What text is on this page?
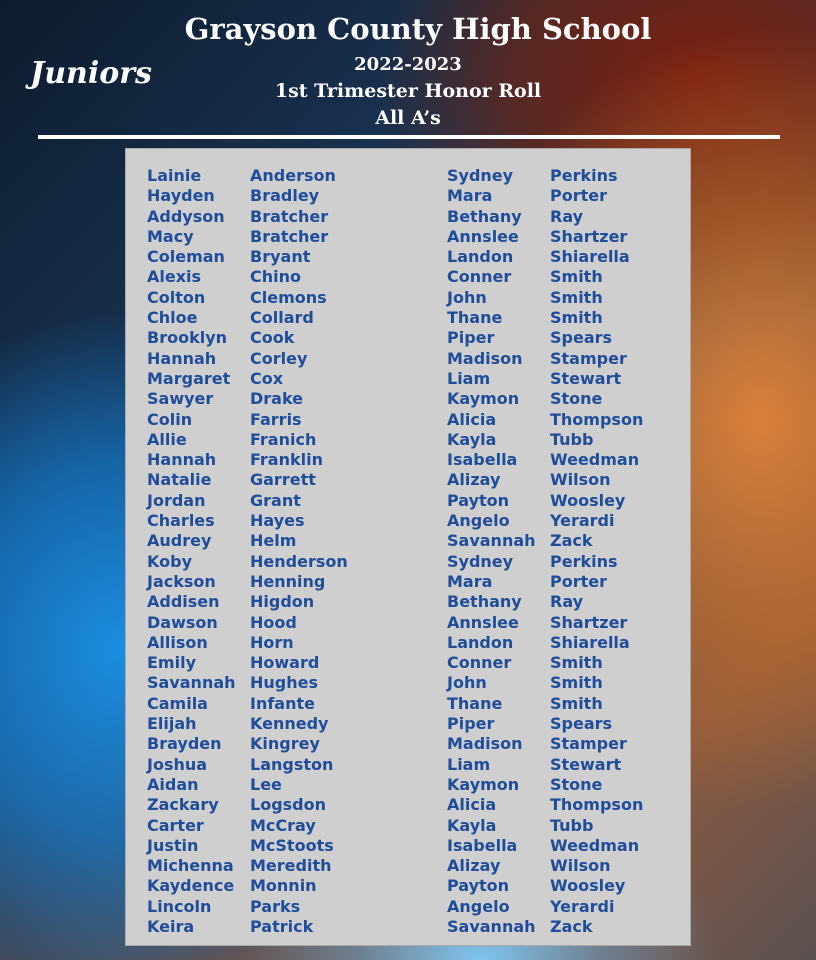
Grayson County High School
2022-2023
1st Trimester Honor Roll
All A’s
Juniors
Lainie
Hayden
Addyson
Macy
Coleman
Alexis
Colton
Chloe
Brooklyn
Hannah
Margaret
Sawyer
Colin
Allie
Hannah
Natalie
Jordan
Charles
Audrey
Koby
Jackson
Addisen
Dawson
Allison
Emily
Savannah
Camila
Elijah
Brayden
Joshua
Aidan
Zackary
Carter
Justin
Michenna
Kaydence
Lincoln
Keira
Anderson
Bradley
Bratcher
Bratcher
Bryant
Chino
Clemons
Collard
Cook
Corley
Cox
Drake
Farris
Franich
Franklin
Garrett
Grant
Hayes
Helm
Henderson
Henning
Higdon
Hood
Horn
Howard
Hughes
Infante
Kennedy
Kingrey
Langston
Lee
Logsdon
McCray
McStoots
Meredith
Monnin
Parks
Patrick
Sydney
Mara
Bethany
Annslee
Landon
Conner
John
Thane
Piper
Madison
Liam
Kaymon
Alicia
Kayla
Isabella
Alizay
Payton
Angelo
Savannah
Sydney
Mara
Bethany
Annslee
Landon
Conner
John
Thane
Piper
Madison
Liam
Kaymon
Alicia
Kayla
Isabella
Alizay
Payton
Angelo
Savannah
Perkins
Porter
Ray
Shartzer
Shiarella
Smith
Smith
Smith
Spears
Stamper
Stewart
Stone
Thompson
Tubb
Weedman
Wilson
Woosley
Yerardi
Zack
Perkins
Porter
Ray
Shartzer
Shiarella
Smith
Smith
Smith
Spears
Stamper
Stewart
Stone
Thompson
Tubb
Weedman
Wilson
Woosley
Yerardi
Zack
